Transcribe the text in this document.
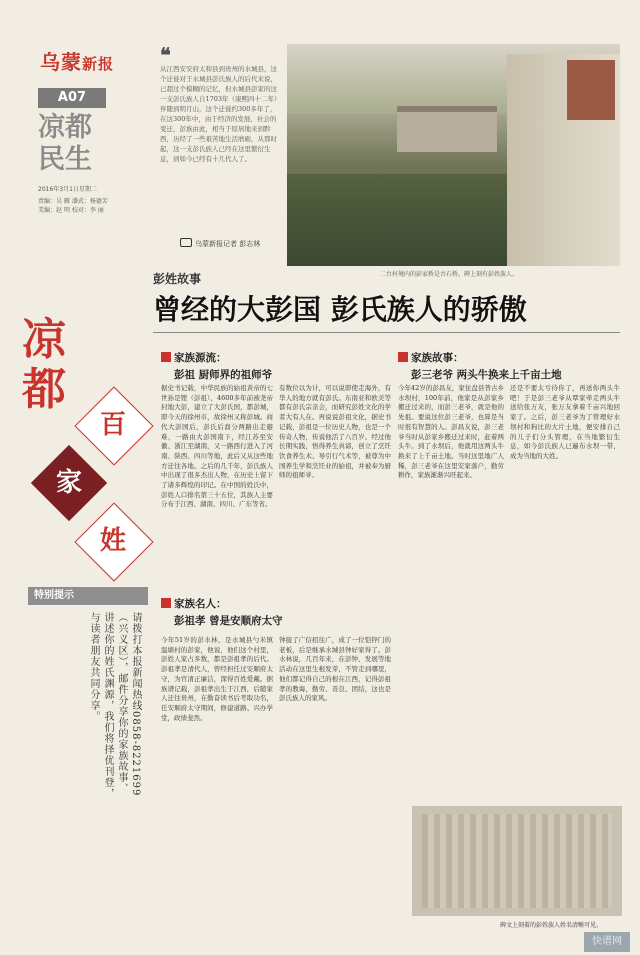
乌蒙新报
A07
凉都
民生
2016年3月1日星期二
责编：吴 雁 潘武：杨德芳
美编：赵 明 校对：李 丽
❝
从江西安安府太和县到贵州的水城县，这个迁徙对于水城县彭氏族人的后代来说，已超过个模糊的记忆，但水城县彭家的这一支彭氏族人自1703年（康熙四十二年）伴随到明月山，这个迁徙约300多年了，在这300年中，由于经济的发展、社会的变迁，彭族由此，相当于原居地来到黔西，历经了一些艰苦地生活磨砺，从那时起，这一支彭氏族人已经在这里繁衍生息，到如今已经有十几代人了。
乌蒙新报记者 彭志林
二台村境内的彭家桥是古石桥，碑上刻有彭姓族人。
彭姓故事
曾经的大彭国 彭氏族人的骄傲
凉
都
百
家
姓
特别提示
请拨打本报新闻热线0858-8221699（兴义区），邮件分享你的家族故事、讲述你的姓氏渊源，我们将择优刊登，与读者朋友共同分享。
家族源流：
彭祖 厨师界的祖师爷
家族名人：
彭祖孝 曾是安顺府太守
家族故事：
彭三老爷 两头牛换来上千亩土地
据史书记载，中华民族的始祖黄帝的七世孙是铿（彭祖），4600多年前被尧帝封地大彭，建立了大彭氏国，都彭城，即今天的徐州市，故徐州又称彭城。商代大彭国后，彭氏后裔分两路出走避难，一路由大彭国南下，经江苏至安徽、浙江至湖南，又一路西行进入了河南、陕西、四川等地，此后又从这些地方迁往各地。之后的几千年，彭氏族人中出现了很多杰出人物，在历史上留下了诸多辉煌的印记。在中国的姓氏中，彭姓人口排名第三十五位，其族人主要分布于江西、湖南、四川、广东等省。
有数位以为计，可以说即使走海外，有华人的地方就有彭氏。东南亚和欧美等都有彭氏宗亲会，而研究彭姓文化的学者大有人在。再说说彭祖文化，据史书记载，彭祖是一位历史人物，也是一个传奇人物，传说他活了八百岁。经过他长期实践，悟得养生真谛，创立了烹饪饮食养生术、导引行气术等，被尊为中国养生学和烹饪业的始祖，并被奉为厨师的祖师爷。
今年42岁的彭昌友，家住盘县普古乡水坝村，100年前，他家是从彭家乡搬迁过来的，而彭三老爷，就是他的先祖。要说这位彭三老爷，也算是当时很有智慧的人。彭昌友说，彭三老爷当时从彭家乡搬迁过来时，赶着两头牛。到了水坝后，他就用这两头牛换来了上千亩土地。当时这里地广人稀，彭三老爷在这里安家落户，勤劳耕作，家族渐渐兴旺起来。
还是不要太亏待你了，再送你两头牛吧！于是彭三老爷从覃家牵走两头牛送给张万友，张万友拿着千亩兴地回家了。之后，彭三老爷为了管理好水坝村和狗比的大片土地，便安排自己的儿子们分头管理，在当地繁衍生息，如今彭氏族人已遍布水坝一带，成为当地的大姓。
今年51岁的彭水林，是水城县勺米镇温塘村的彭家，他说，他们这个村里，彭姓人家占多数，都是彭祖孝的后代。彭祖孝是清代人，曾经担任过安顺府太守，为官清正廉洁，深得百姓爱戴。据族谱记载，彭祖孝出生于江西，后随家人迁往贵州，在勤奋读书后考取功名，任安顺府太守期间，修建道路、兴办学堂，政绩斐然。
钟接了广信招往广，成了一位铠锌门的老板，后是继承水城县钟好家得了。彭水林说，几百年来，在彭钟、发展等地活动在这里生根发芽，不管走到哪里，他们都记得自己的根在江西，记得彭祖孝的教诲，勤劳、善良、团结，这也是彭氏族人的家风。
碑文上刻着的彭姓族人姓名清晰可见。
快谱网
